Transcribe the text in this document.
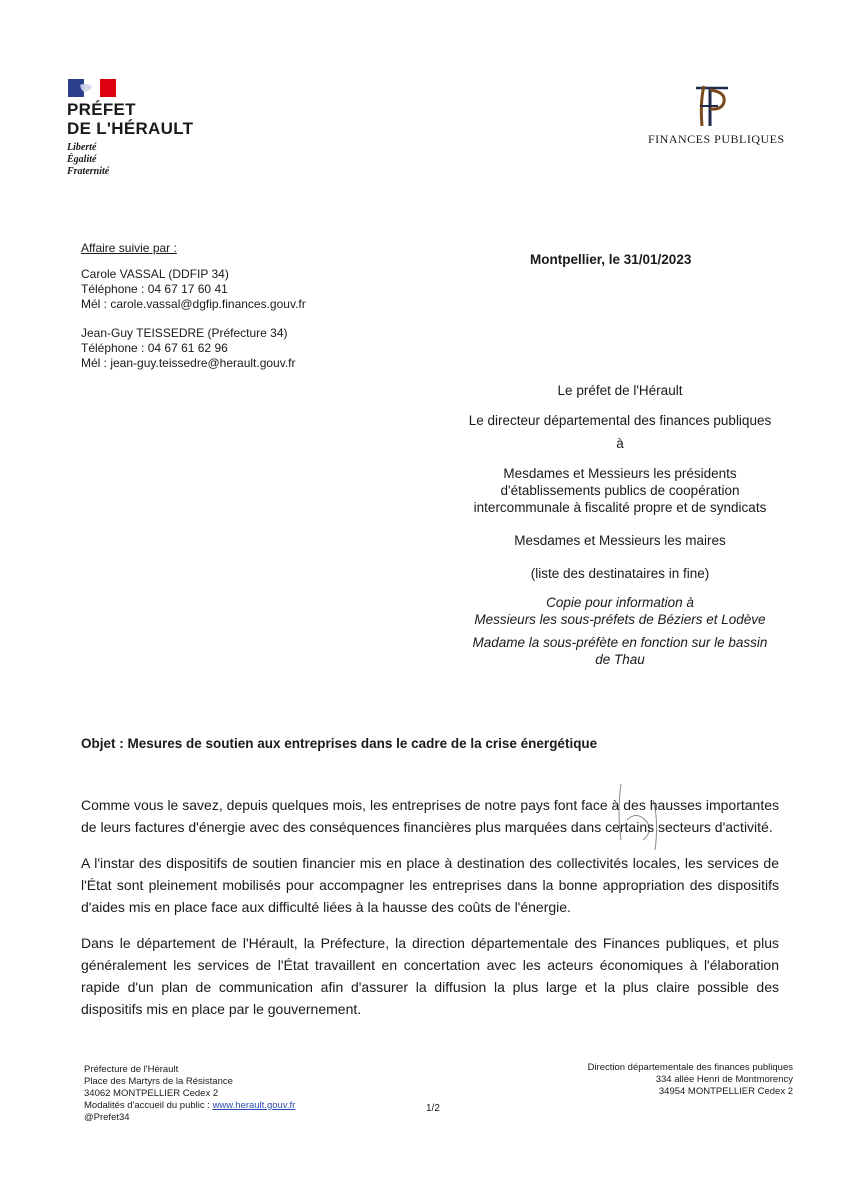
PRÉFET
DE L'HÉRAULT
Liberté
Égalité
Fraternité
FINANCES PUBLIQUES
Affaire suivie par :
Carole VASSAL (DDFIP 34)
Téléphone : 04 67 17 60 41
Mél : carole.vassal@dgfip.finances.gouv.fr
Jean-Guy TEISSEDRE (Préfecture 34)
Téléphone : 04 67 61 62 96
Mél : jean-guy.teissedre@herault.gouv.fr
Montpellier, le 31/01/2023
Le préfet de l'Hérault
Le directeur départemental des finances publiques
à
Mesdames et Messieurs les présidents
d'établissements publics de coopération
intercommunale à fiscalité propre et de syndicats
Mesdames et Messieurs les maires
(liste des destinataires in fine)
Copie pour information à
Messieurs les sous-préfets de Béziers et Lodève
Madame la sous-préfète en fonction sur le bassin
de Thau
Objet : Mesures de soutien aux entreprises dans le cadre de la crise énergétique

Comme vous le savez, depuis quelques mois, les entreprises de notre pays font face à des hausses importantes de leurs factures d'énergie avec des conséquences financières plus marquées dans certains secteurs d'activité.

A l'instar des dispositifs de soutien financier mis en place à destination des collectivités locales, les services de l'État sont pleinement mobilisés pour accompagner les entreprises dans la bonne appropriation des dispositifs d'aides mis en place face aux difficulté liées à la hausse des coûts de l'énergie.

Dans le département de l'Hérault, la Préfecture, la direction départementale des Finances publiques, et plus généralement les services de l'État travaillent en concertation avec les acteurs économiques à l'élaboration rapide d'un plan de communication afin d'assurer la diffusion la plus large et la plus claire possible des dispositifs mis en place par le gouvernement.

Préfecture de l'Hérault
Place des Martyrs de la Résistance
34062 MONTPELLIER Cedex 2
Modalités d'accueil du public : www.herault.gouv.fr
@Prefet34
1/2
Direction départementale des finances publiques
334 allée Henri de Montmorency
34954 MONTPELLIER Cedex 2
